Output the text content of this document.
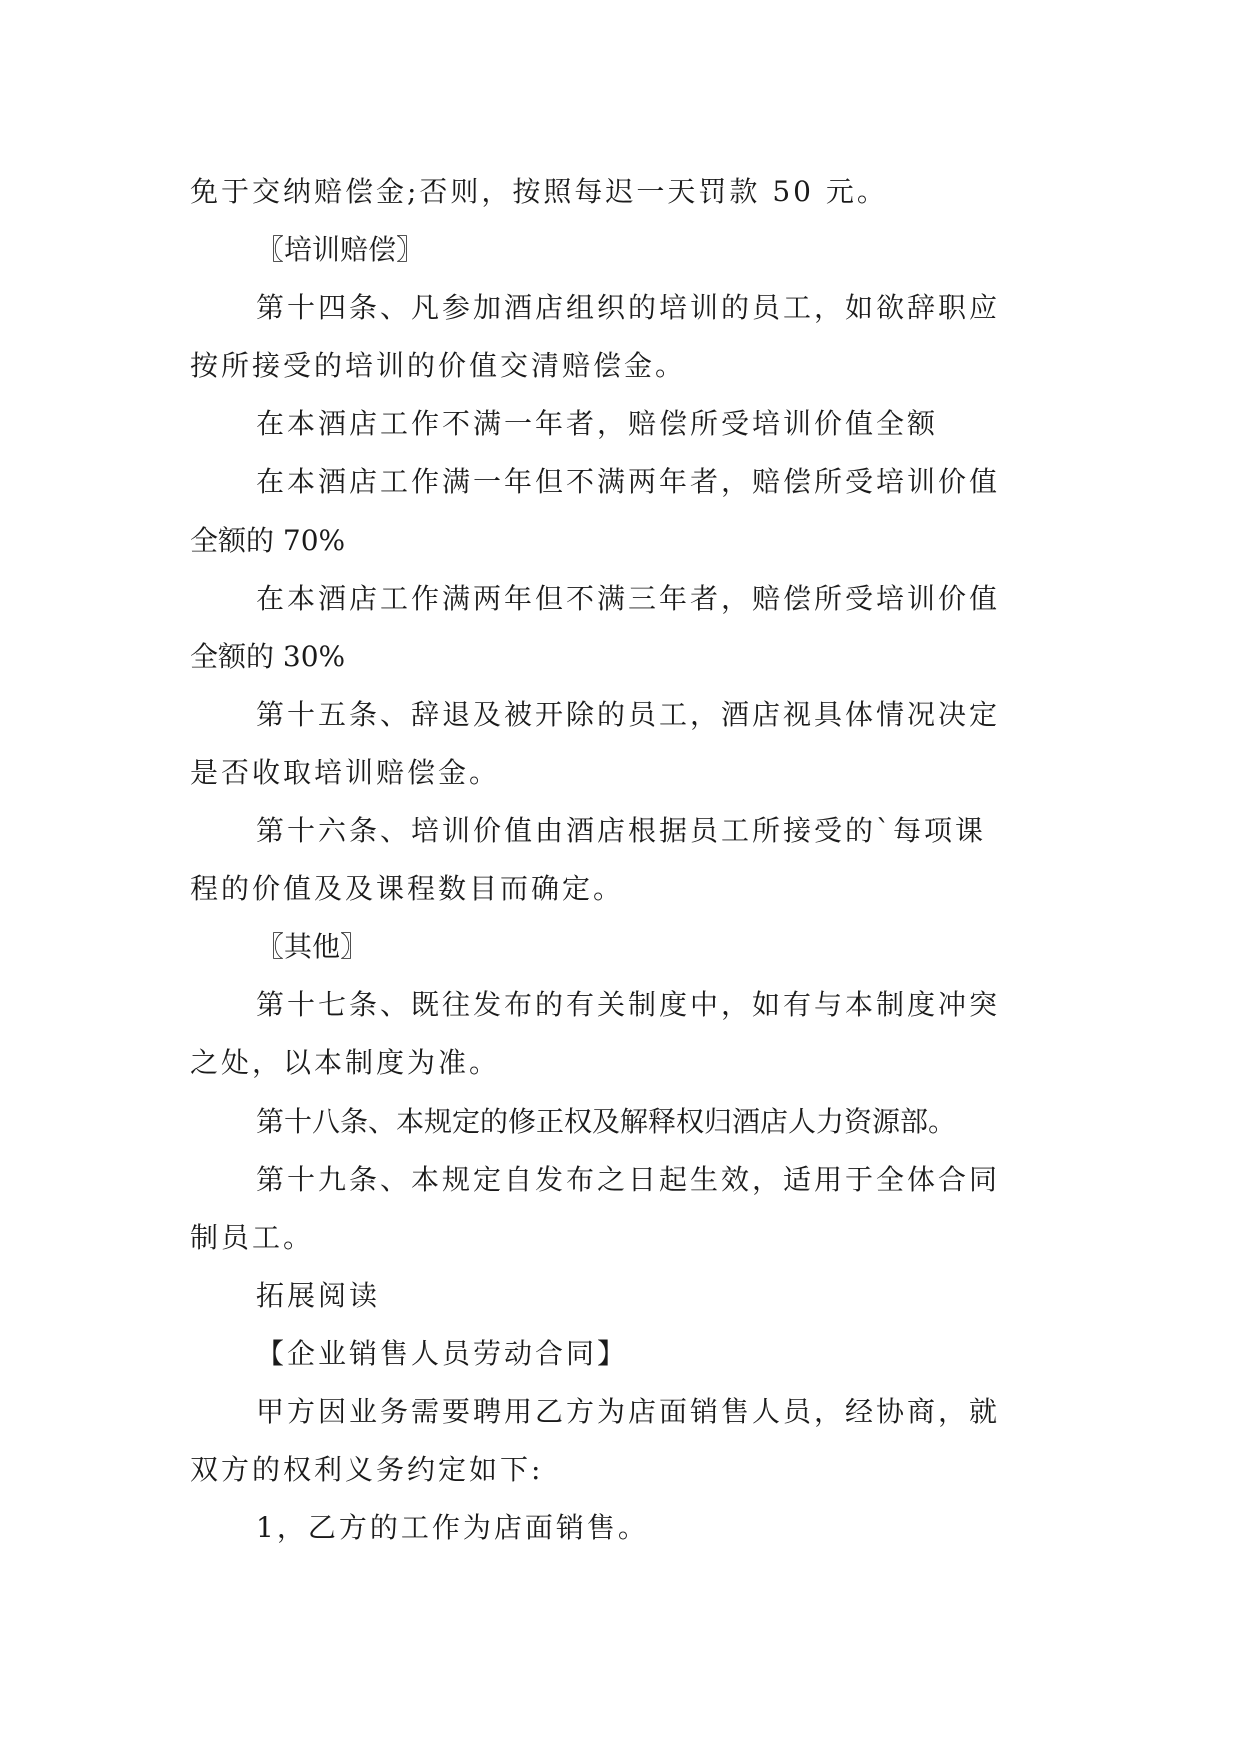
免于交纳赔偿金;否则，按照每迟一天罚款 50 元。
〖培训赔偿〗
第十四条、凡参加酒店组织的培训的员工，如欲辞职应
按所接受的培训的价值交清赔偿金。
在本酒店工作不满一年者，赔偿所受培训价值全额
在本酒店工作满一年但不满两年者，赔偿所受培训价值
全额的 70%
在本酒店工作满两年但不满三年者，赔偿所受培训价值
全额的 30%
第十五条、辞退及被开除的员工，酒店视具体情况决定
是否收取培训赔偿金。
第十六条、培训价值由酒店根据员工所接受的`每项课
程的价值及及课程数目而确定。
〖其他〗
第十七条、既往发布的有关制度中，如有与本制度冲突
之处，以本制度为准。
第十八条、本规定的修正权及解释权归酒店人力资源部。
第十九条、本规定自发布之日起生效，适用于全体合同
制员工。
拓展阅读
【企业销售人员劳动合同】
甲方因业务需要聘用乙方为店面销售人员，经协商，就
双方的权利义务约定如下:
1，乙方的工作为店面销售。
